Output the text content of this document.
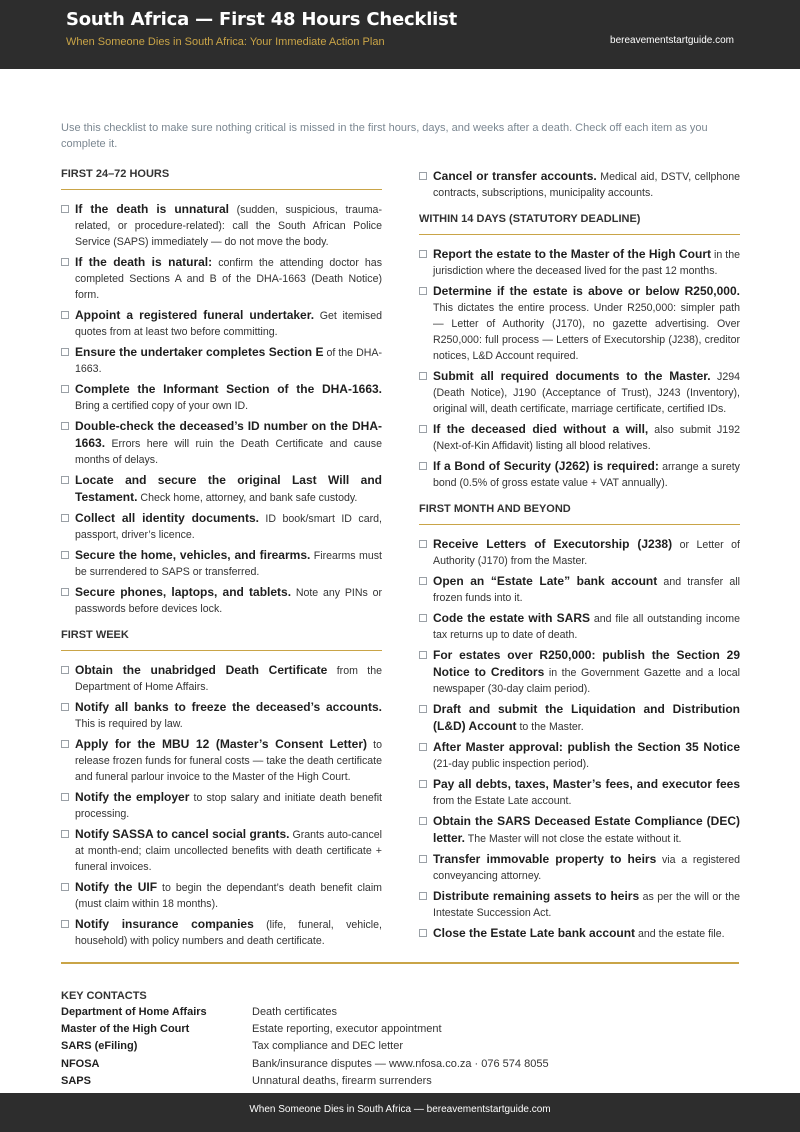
South Africa — First 48 Hours Checklist
When Someone Dies in South Africa: Your Immediate Action Plan	bereavementstartguide.com
Use this checklist to make sure nothing critical is missed in the first hours, days, and weeks after a death. Check off each item as you complete it.
FIRST 24–72 HOURS
If the death is unnatural (sudden, suspicious, trauma-related, or procedure-related): call the South African Police Service (SAPS) immediately — do not move the body.
If the death is natural: confirm the attending doctor has completed Sections A and B of the DHA-1663 (Death Notice) form.
Appoint a registered funeral undertaker. Get itemised quotes from at least two before committing.
Ensure the undertaker completes Section E of the DHA-1663.
Complete the Informant Section of the DHA-1663. Bring a certified copy of your own ID.
Double-check the deceased’s ID number on the DHA-1663. Errors here will ruin the Death Certificate and cause months of delays.
Locate and secure the original Last Will and Testament. Check home, attorney, and bank safe custody.
Collect all identity documents. ID book/smart ID card, passport, driver’s licence.
Secure the home, vehicles, and firearms. Firearms must be surrendered to SAPS or transferred.
Secure phones, laptops, and tablets. Note any PINs or passwords before devices lock.
FIRST WEEK
Obtain the unabridged Death Certificate from the Department of Home Affairs.
Notify all banks to freeze the deceased’s accounts. This is required by law.
Apply for the MBU 12 (Master’s Consent Letter) to release frozen funds for funeral costs — take the death certificate and funeral parlour invoice to the Master of the High Court.
Notify the employer to stop salary and initiate death benefit processing.
Notify SASSA to cancel social grants. Grants auto-cancel at month-end; claim uncollected benefits with death certificate + funeral invoices.
Notify the UIF to begin the dependant’s death benefit claim (must claim within 18 months).
Notify insurance companies (life, funeral, vehicle, household) with policy numbers and death certificate.
Cancel or transfer accounts. Medical aid, DSTV, cellphone contracts, subscriptions, municipality accounts.
WITHIN 14 DAYS (STATUTORY DEADLINE)
Report the estate to the Master of the High Court in the jurisdiction where the deceased lived for the past 12 months.
Determine if the estate is above or below R250,000. This dictates the entire process. Under R250,000: simpler path — Letter of Authority (J170), no gazette advertising. Over R250,000: full process — Letters of Executorship (J238), creditor notices, L&D Account required.
Submit all required documents to the Master. J294 (Death Notice), J190 (Acceptance of Trust), J243 (Inventory), original will, death certificate, marriage certificate, certified IDs.
If the deceased died without a will, also submit J192 (Next-of-Kin Affidavit) listing all blood relatives.
If a Bond of Security (J262) is required: arrange a surety bond (0.5% of gross estate value + VAT annually).
FIRST MONTH AND BEYOND
Receive Letters of Executorship (J238) or Letter of Authority (J170) from the Master.
Open an “Estate Late” bank account and transfer all frozen funds into it.
Code the estate with SARS and file all outstanding income tax returns up to date of death.
For estates over R250,000: publish the Section 29 Notice to Creditors in the Government Gazette and a local newspaper (30-day claim period).
Draft and submit the Liquidation and Distribution (L&D) Account to the Master.
After Master approval: publish the Section 35 Notice (21-day public inspection period).
Pay all debts, taxes, Master’s fees, and executor fees from the Estate Late account.
Obtain the SARS Deceased Estate Compliance (DEC) letter. The Master will not close the estate without it.
Transfer immovable property to heirs via a registered conveyancing attorney.
Distribute remaining assets to heirs as per the will or the Intestate Succession Act.
Close the Estate Late bank account and the estate file.
KEY CONTACTS
Department of Home Affairs	Death certificates
Master of the High Court	Estate reporting, executor appointment
SARS (eFiling)	Tax compliance and DEC letter
NFOSA	Bank/insurance disputes — www.nfosa.co.za · 076 574 8055
SAPS	Unnatural deaths, firearm surrenders
When Someone Dies in South Africa — bereavementstartguide.com
